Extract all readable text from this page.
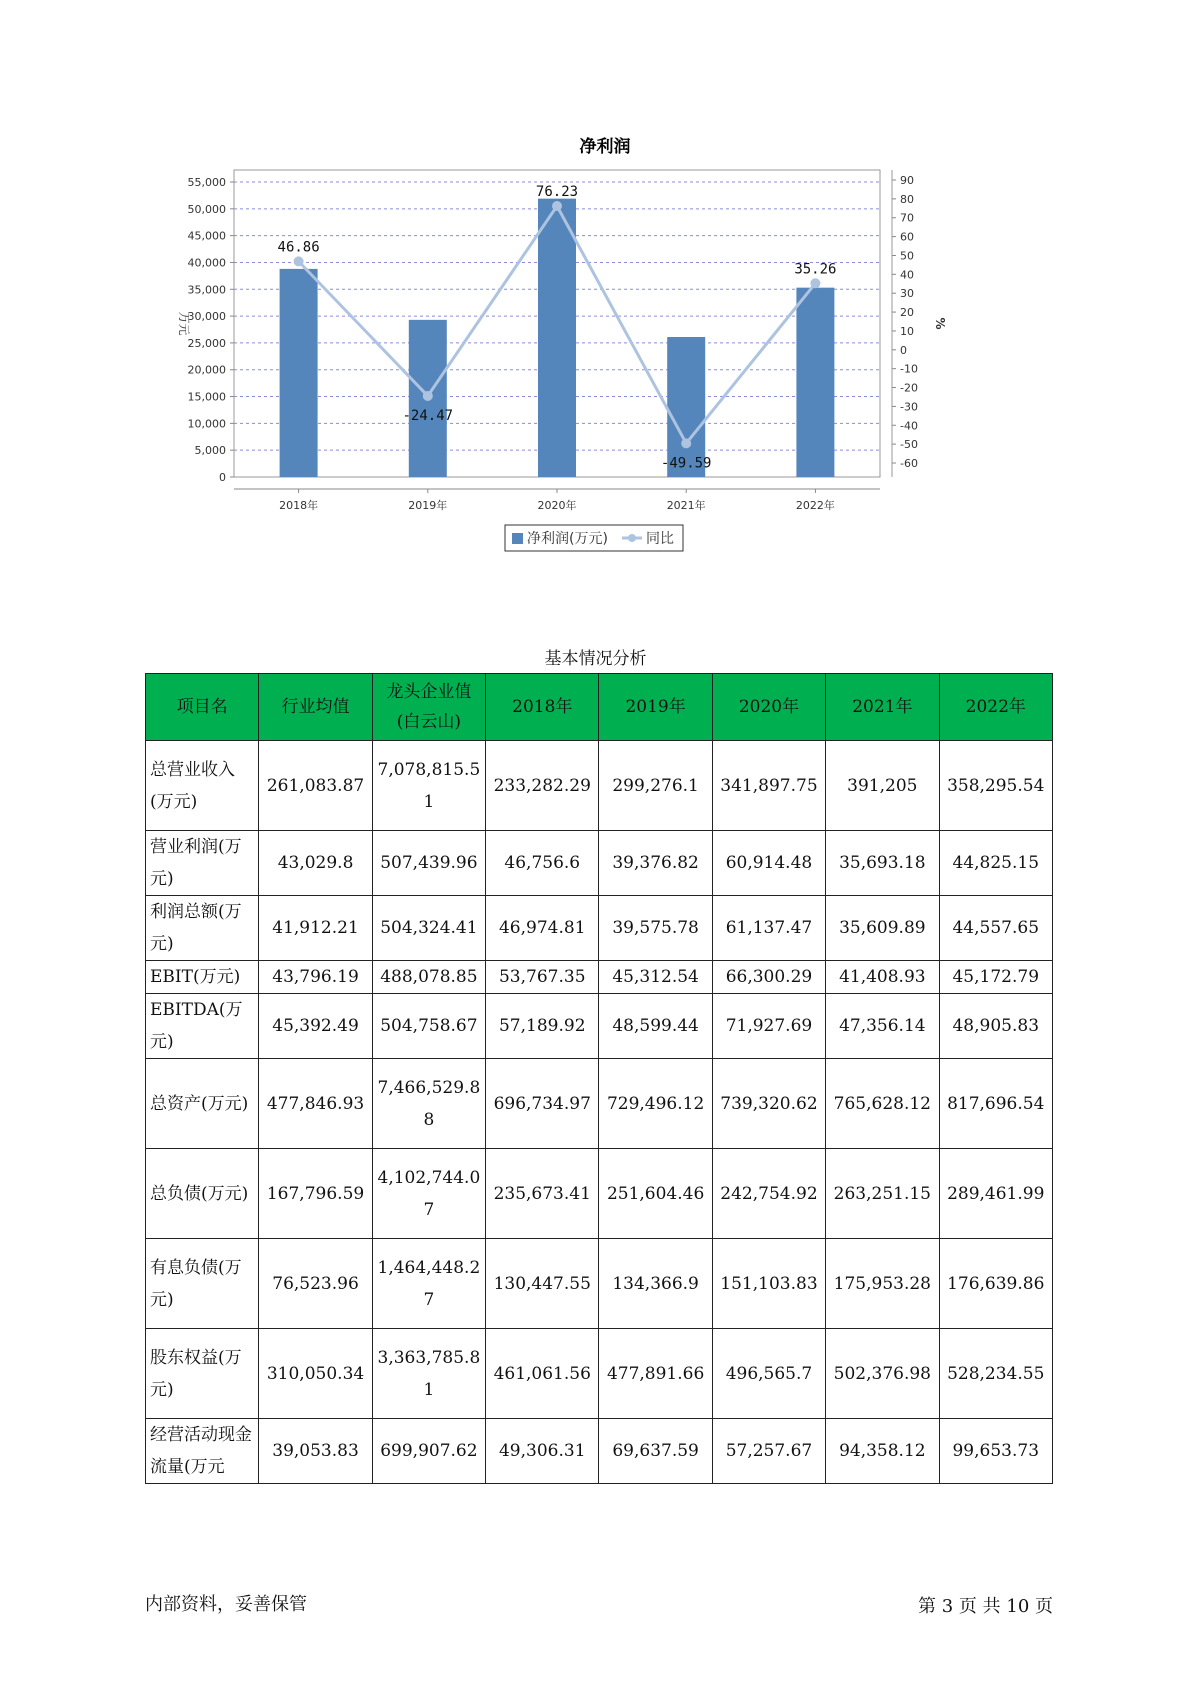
净利润
55,000
50,000
45,000
40,000
35,000
30,000
25,000
20,000
15,000
10,000
5,000
0
90
80
70
60
50
40
30
20
10
0
-10
-20
-30
-40
-50
-60
万元	%
2018年	2019年	2020年	2021年	2022年
46.86
-24.47
76.23
-49.59
35.26
净利润(万元)	同比
基本情况分析
项目名	行业均值	龙头企业值(白云山)	2018年	2019年	2020年	2021年	2022年
总营业收入(万元)	261,083.87	7,078,815.51	233,282.29	299,276.1	341,897.75	391,205	358,295.54
营业利润(万元)	43,029.8	507,439.96	46,756.6	39,376.82	60,914.48	35,693.18	44,825.15
利润总额(万元)	41,912.21	504,324.41	46,974.81	39,575.78	61,137.47	35,609.89	44,557.65
EBIT(万元)	43,796.19	488,078.85	53,767.35	45,312.54	66,300.29	41,408.93	45,172.79
EBITDA(万元)	45,392.49	504,758.67	57,189.92	48,599.44	71,927.69	47,356.14	48,905.83
总资产(万元)	477,846.93	7,466,529.88	696,734.97	729,496.12	739,320.62	765,628.12	817,696.54
总负债(万元)	167,796.59	4,102,744.07	235,673.41	251,604.46	242,754.92	263,251.15	289,461.99
有息负债(万元)	76,523.96	1,464,448.27	130,447.55	134,366.9	151,103.83	175,953.28	176,639.86
股东权益(万元)	310,050.34	3,363,785.81	461,061.56	477,891.66	496,565.7	502,376.98	528,234.55
经营活动现金流量(万元	39,053.83	699,907.62	49,306.31	69,637.59	57,257.67	94,358.12	99,653.73
内部资料，妥善保管	第 3 页 共 10 页
